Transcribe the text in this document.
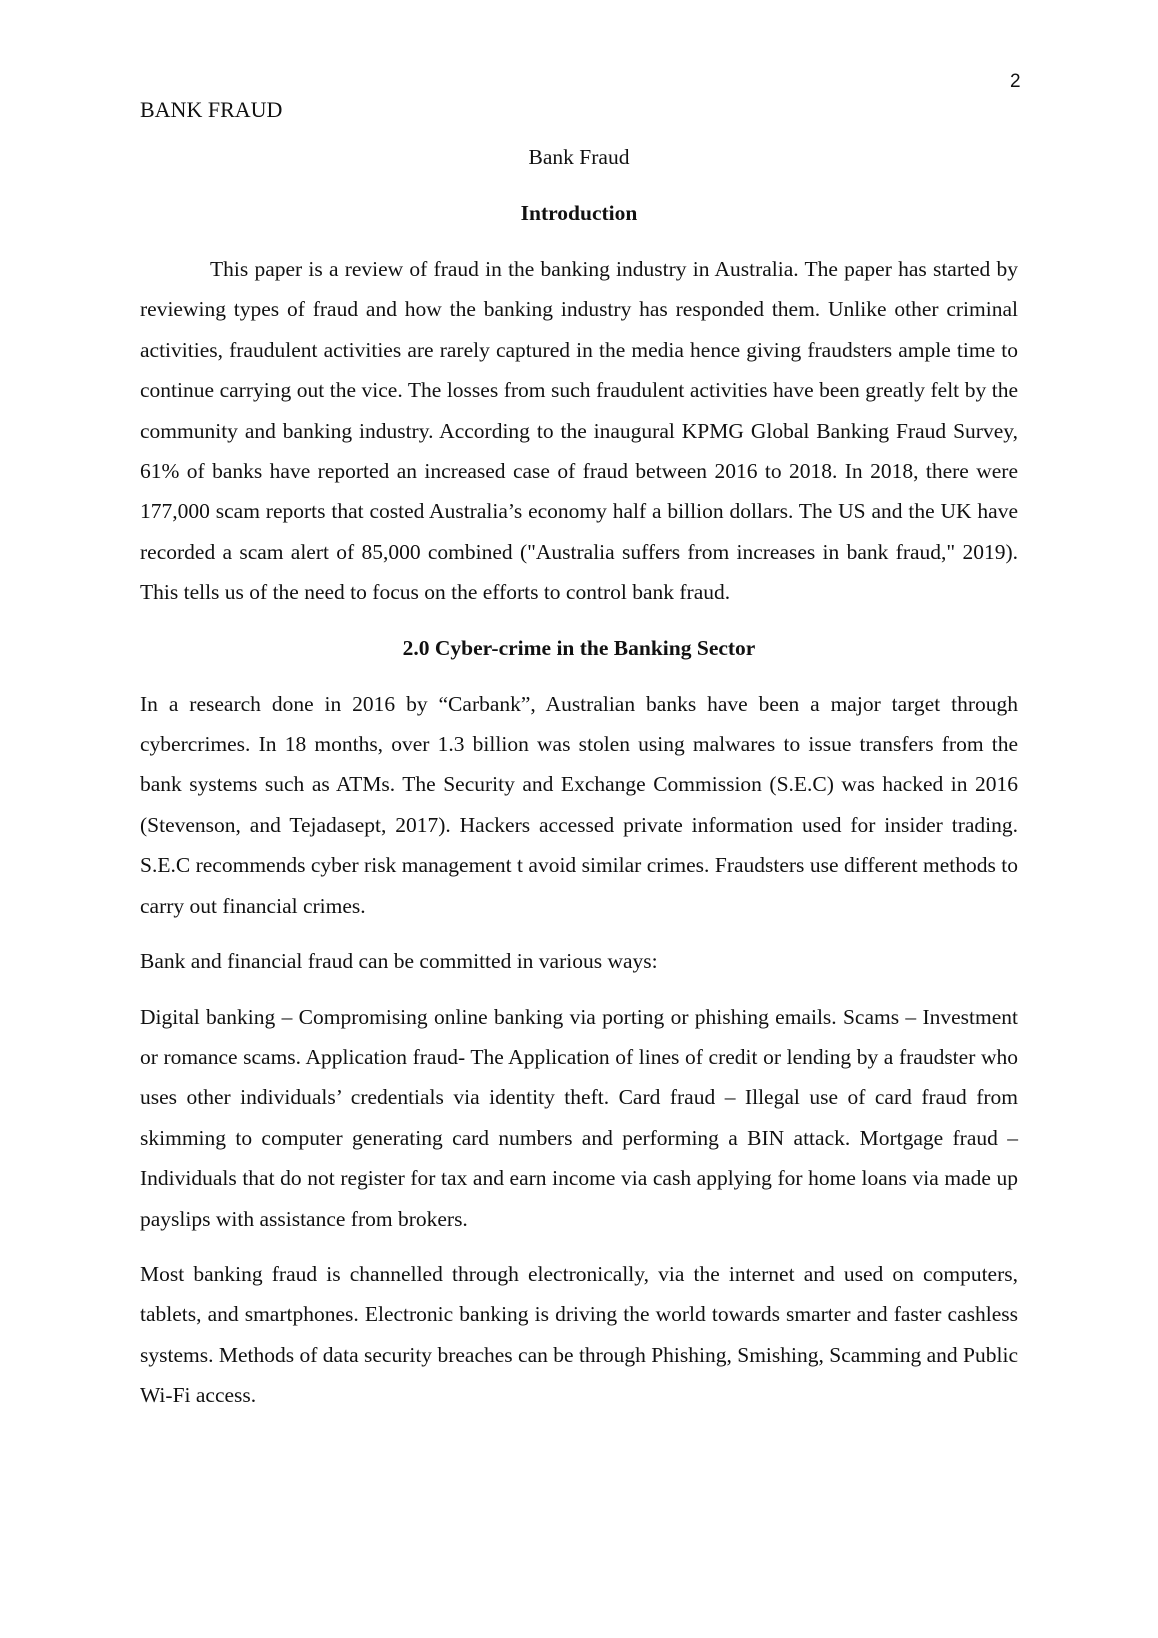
2
BANK FRAUD

Bank Fraud

Introduction

This paper is a review of fraud in the banking industry in Australia. The paper has started by reviewing types of fraud and how the banking industry has responded them. Unlike other criminal activities, fraudulent activities are rarely captured in the media hence giving fraudsters ample time to continue carrying out the vice. The losses from such fraudulent activities have been greatly felt by the community and banking industry. According to the inaugural KPMG Global Banking Fraud Survey, 61% of banks have reported an increased case of fraud between 2016 to 2018. In 2018, there were 177,000 scam reports that costed Australia’s economy half a billion dollars. The US and the UK have recorded a scam alert of 85,000 combined ("Australia suffers from increases in bank fraud," 2019). This tells us of the need to focus on the efforts to control bank fraud.

2.0 Cyber-crime in the Banking Sector

In a research done in 2016 by “Carbank”, Australian banks have been a major target through cybercrimes. In 18 months, over 1.3 billion was stolen using malwares to issue transfers from the bank systems such as ATMs. The Security and Exchange Commission (S.E.C) was hacked in 2016 (Stevenson, and Tejadasept, 2017). Hackers accessed private information used for insider trading. S.E.C recommends cyber risk management t avoid similar crimes. Fraudsters use different methods to carry out financial crimes.

Bank and financial fraud can be committed in various ways:

Digital banking – Compromising online banking via porting or phishing emails. Scams – Investment or romance scams. Application fraud- The Application of lines of credit or lending by a fraudster who uses other individuals’ credentials via identity theft. Card fraud – Illegal use of card fraud from skimming to computer generating card numbers and performing a BIN attack. Mortgage fraud – Individuals that do not register for tax and earn income via cash applying for home loans via made up payslips with assistance from brokers.

Most banking fraud is channelled through electronically, via the internet and used on computers, tablets, and smartphones. Electronic banking is driving the world towards smarter and faster cashless systems. Methods of data security breaches can be through Phishing, Smishing, Scamming and Public Wi-Fi access.
